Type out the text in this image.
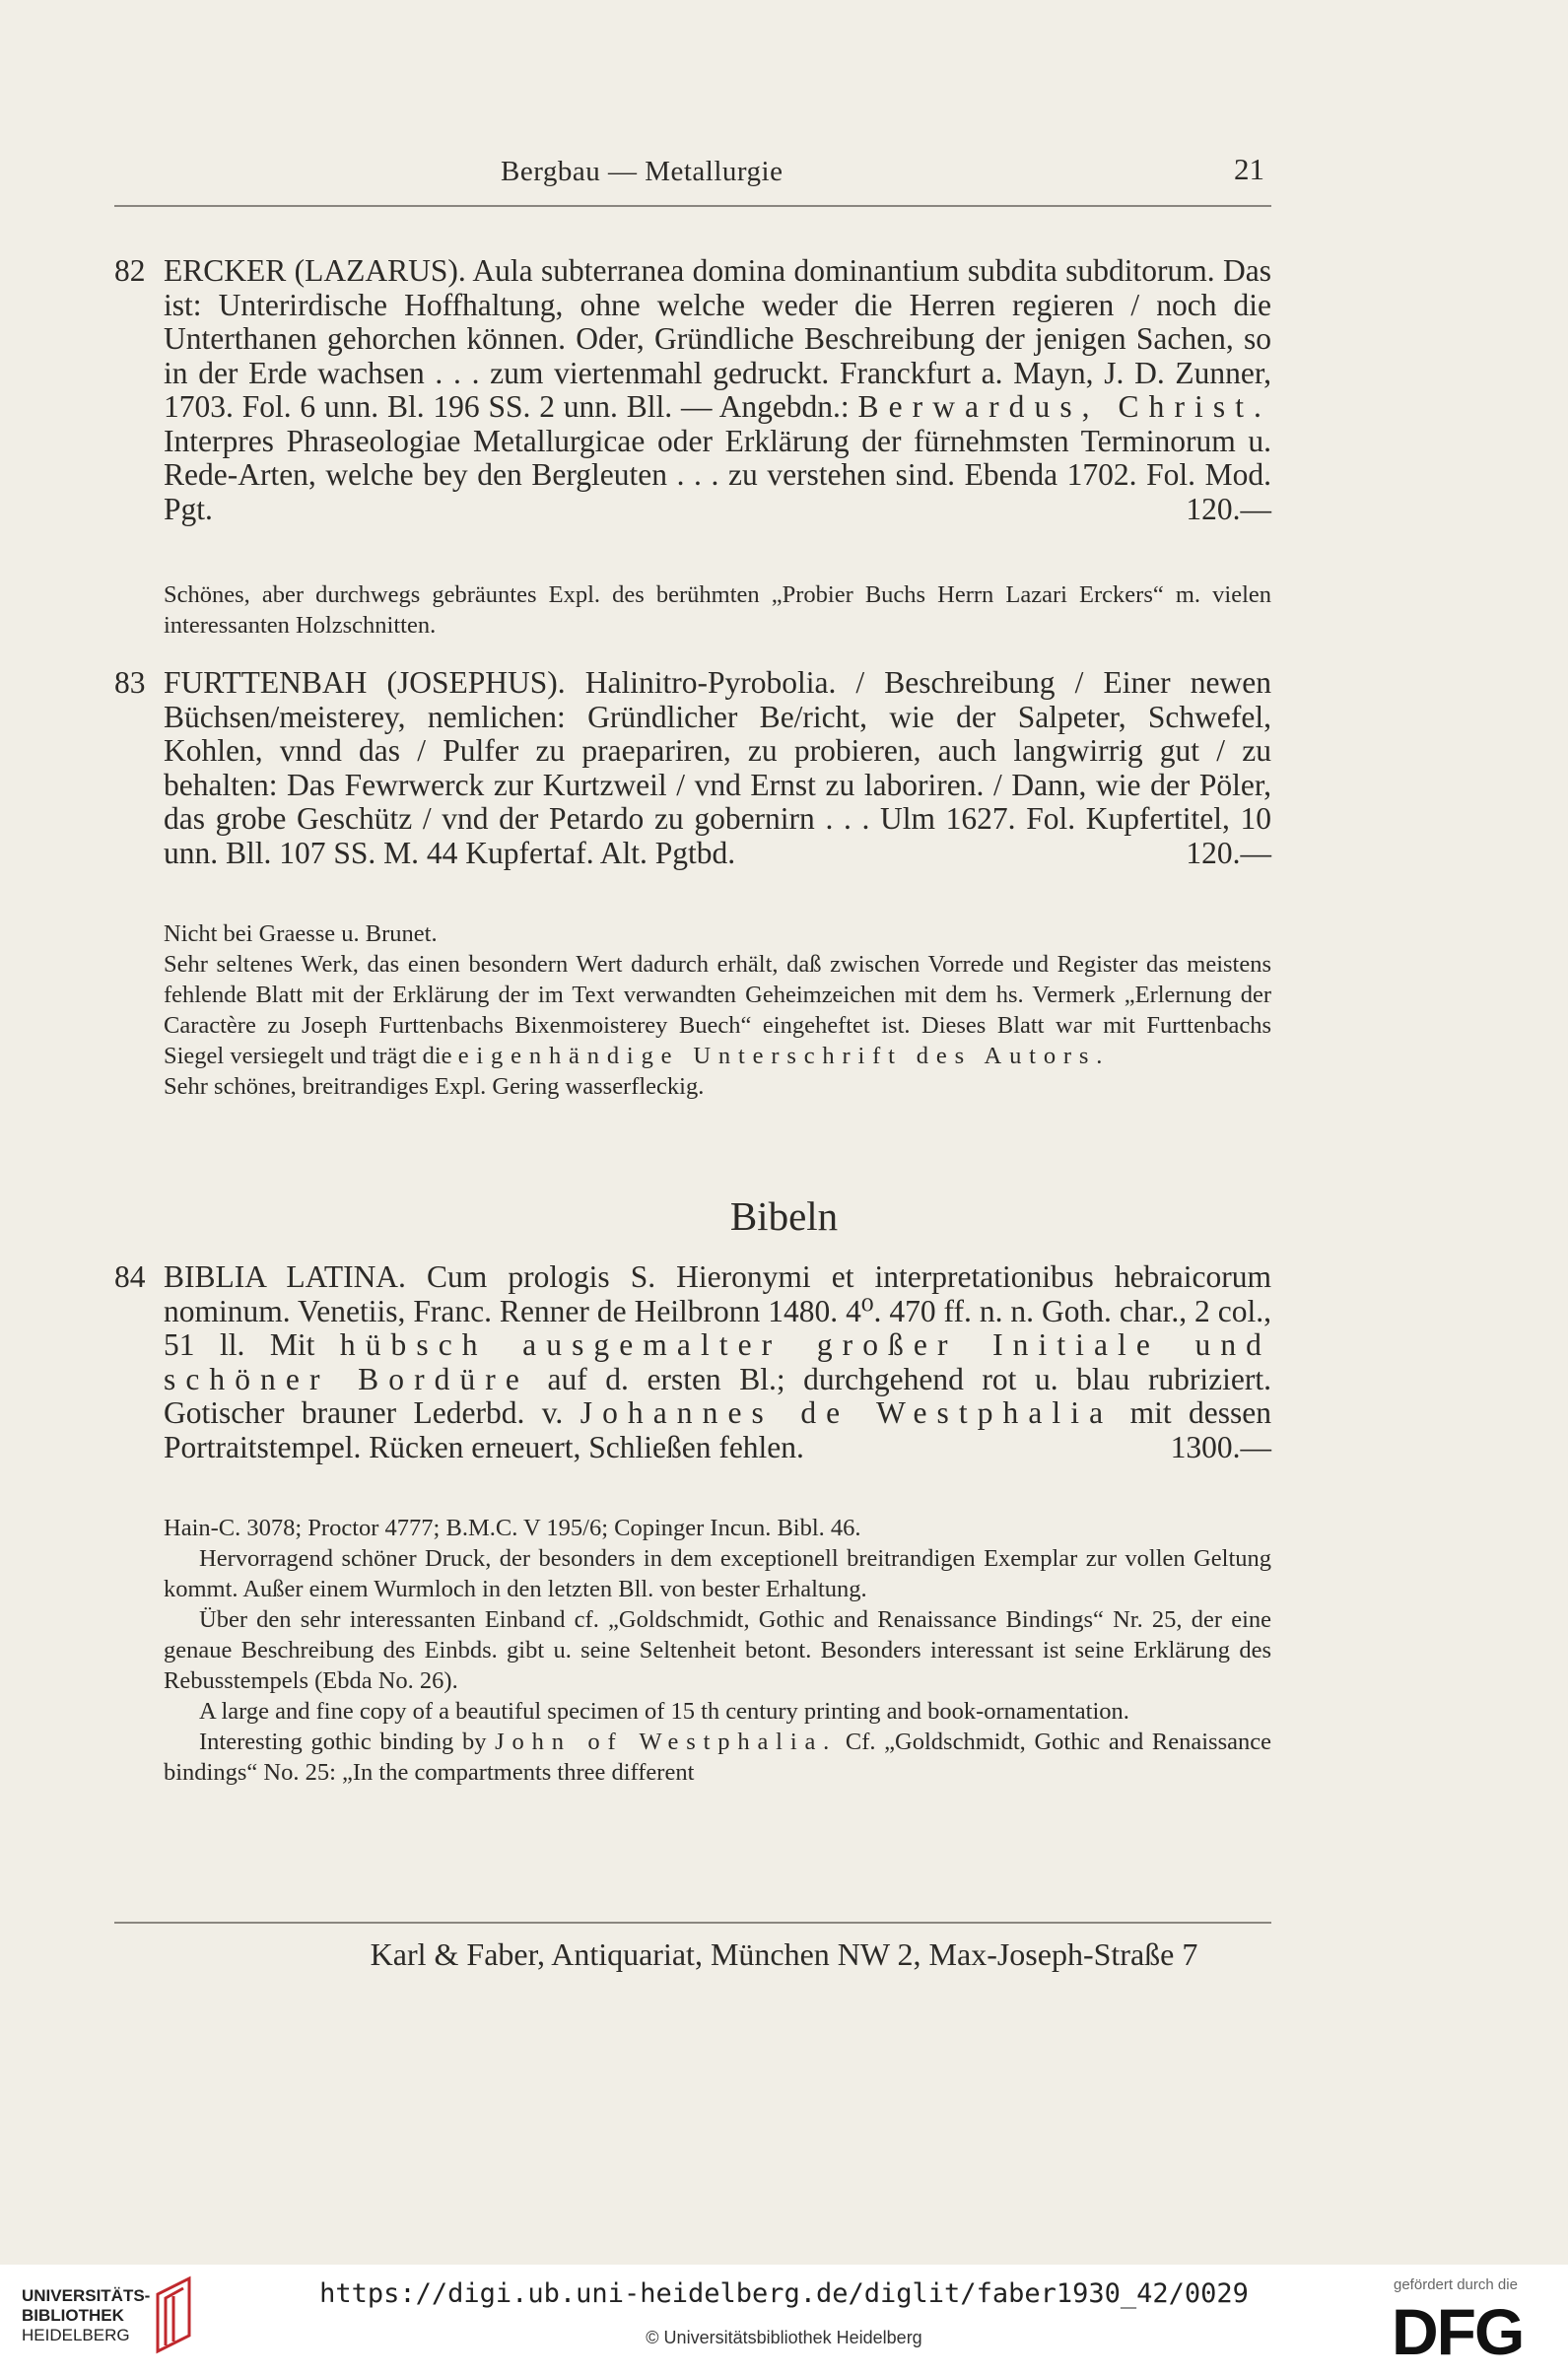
Bergbau — Metallurgie	21
82 ERCKER (LAZARUS). Aula subterranea domina dominantium subdita subditorum. Das ist: Unterirdische Hoffhaltung, ohne welche weder die Herren regieren / noch die Unterthanen gehorchen können. Oder, Gründliche Beschreibung der jenigen Sachen, so in der Erde wachsen . . . zum viertenmahl gedruckt. Franckfurt a. Mayn, J. D. Zunner, 1703. Fol. 6 unn. Bl. 196 SS. 2 unn. Bll. — Angebdn.: Berwardus, Christ. Interpres Phraseologiae Metallurgicae oder Erklärung der fürnehmsten Terminorum u. Rede-Arten, welche bey den Bergleuten . . . zu verstehen sind. Ebenda 1702. Fol. Mod. Pgt.	120.—

Schönes, aber durchwegs gebräuntes Expl. des berühmten „Probier Buchs Herrn Lazari Erckers“ m. vielen interessanten Holzschnitten.

83 FURTTENBAH (JOSEPHUS). Halinitro-Pyrobolia. / Beschreibung / Einer newen Büchsen/meisterey, nemlichen: Gründlicher Be/richt, wie der Salpeter, Schwefel, Kohlen, vnnd das / Pulfer zu praepariren, zu probieren, auch langwirrig gut / zu behalten: Das Fewrwerck zur Kurtzweil / vnd Ernst zu laboriren. / Dann, wie der Pöler, das grobe Geschütz / vnd der Petardo zu gobernirn . . . Ulm 1627. Fol. Kupfertitel, 10 unn. Bll. 107 SS. M. 44 Kupfertaf. Alt. Pgtbd.	120.—

Nicht bei Graesse u. Brunet.

Sehr seltenes Werk, das einen besondern Wert dadurch erhält, daß zwischen Vorrede und Register das meistens fehlende Blatt mit der Erklärung der im Text verwandten Geheimzeichen mit dem hs. Vermerk „Erlernung der Caractère zu Joseph Furttenbachs Bixenmoisterey Buech“ eingeheftet ist. Dieses Blatt war mit Furttenbachs Siegel versiegelt und trägt die eigenhändige Unterschrift des Autors.

Sehr schönes, breitrandiges Expl. Gering wasserfleckig.

Bibeln
84 BIBLIA LATINA. Cum prologis S. Hieronymi et interpretationibus hebraicorum nominum. Venetiis, Franc. Renner de Heilbronn 1480. 4⁰. 470 ff. n. n. Goth. char., 2 col., 51 ll. Mit hübsch ausgemalter großer Initiale und schöner Bordüre auf d. ersten Bl.; durchgehend rot u. blau rubriziert. Gotischer brauner Lederbd. v. Johannes de Westphalia mit dessen Portraitstempel. Rücken erneuert, Schließen fehlen.	1300.—

Hain-C. 3078; Proctor 4777; B.M.C. V 195/6; Copinger Incun. Bibl. 46.

Hervorragend schöner Druck, der besonders in dem exceptionell breitrandigen Exemplar zur vollen Geltung kommt. Außer einem Wurmloch in den letzten Bll. von bester Erhaltung.

Über den sehr interessanten Einband cf. „Goldschmidt, Gothic and Renaissance Bindings“ Nr. 25, der eine genaue Beschreibung des Einbds. gibt u. seine Seltenheit betont. Besonders interessant ist seine Erklärung des Rebusstempels (Ebda No. 26).

A large and fine copy of a beautiful specimen of 15 th century printing and book-ornamentation.

Interesting gothic binding by John of Westphalia. Cf. „Goldschmidt, Gothic and Renaissance bindings“ No. 25: „In the compartments three different

Karl & Faber, Antiquariat, München NW 2, Max-Joseph-Straße 7
UNIVERSITÄTS-
BIBLIOTHEK
HEIDELBERG
https://digi.ub.uni-heidelberg.de/diglit/faber1930_42/0029
© Universitätsbibliothek Heidelberg
gefördert durch die
DFG
